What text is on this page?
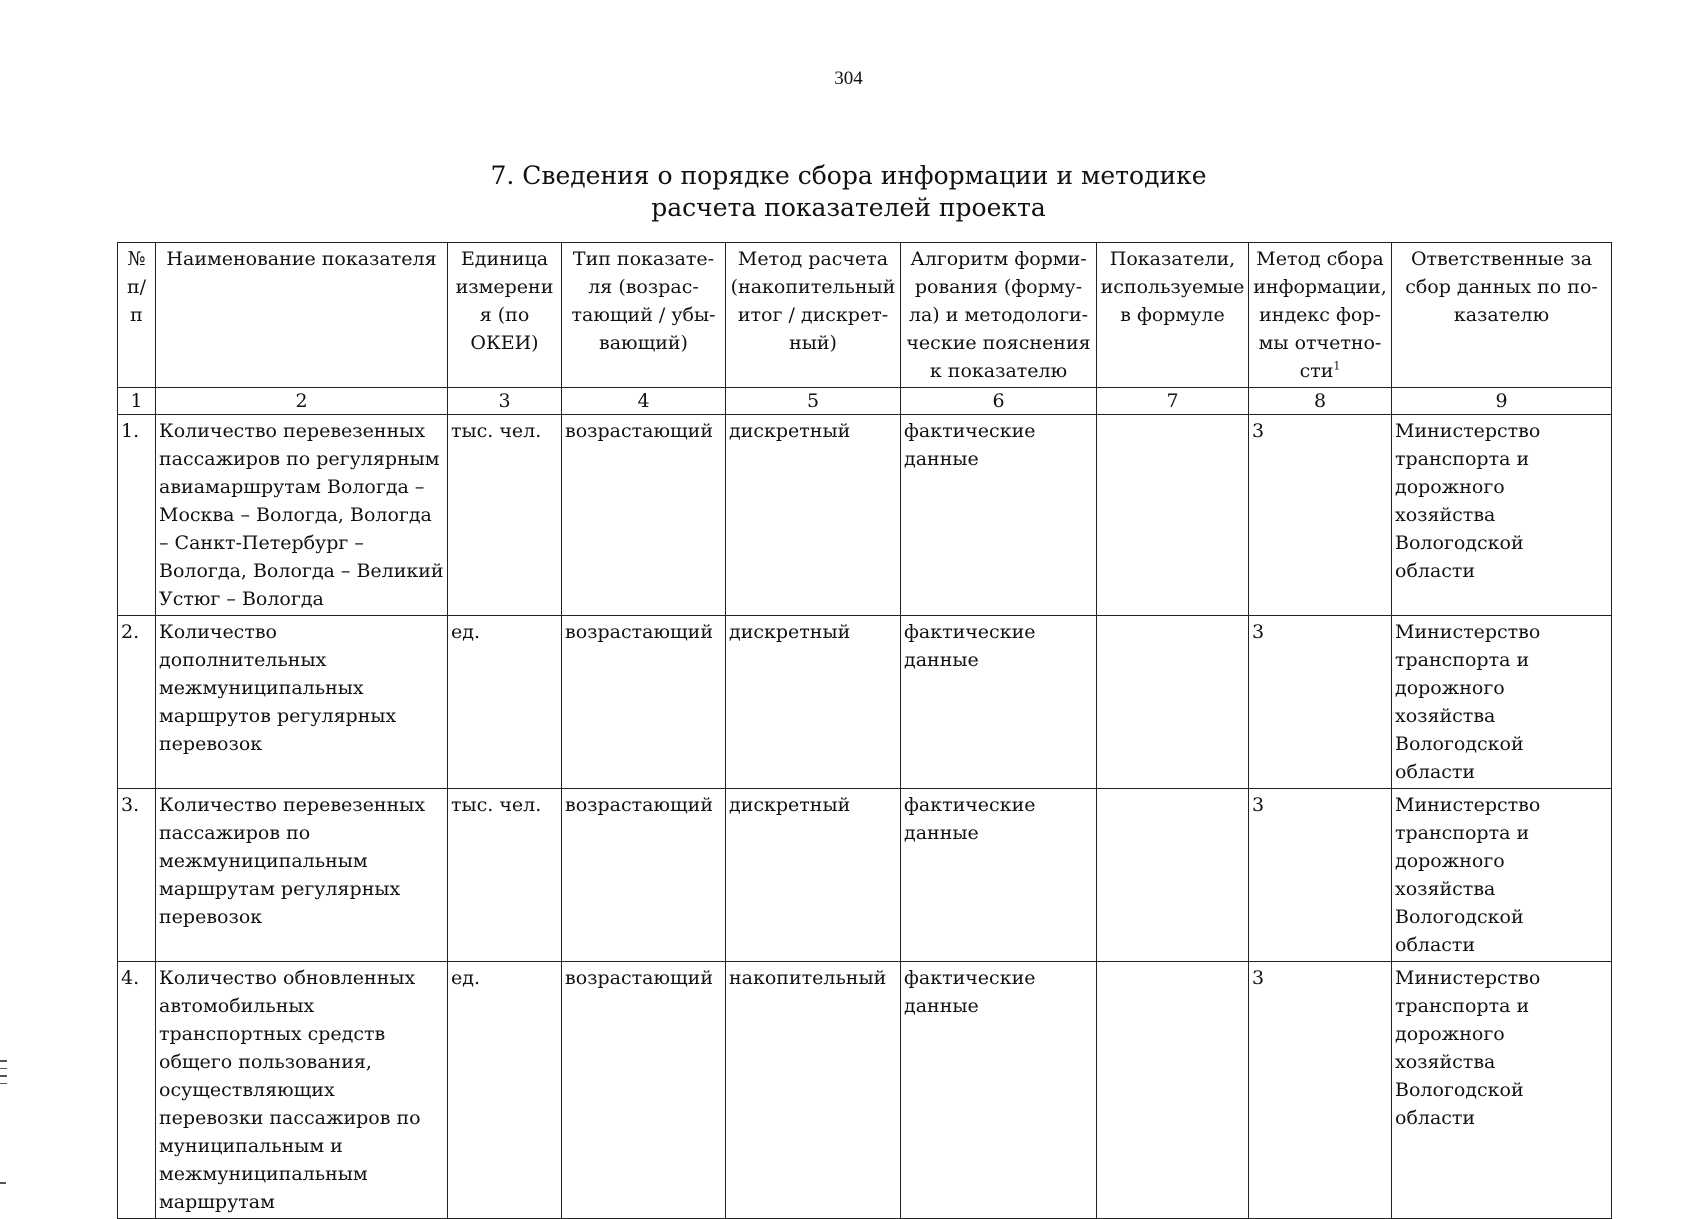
304
7. Сведения о порядке сбора информации и методике
расчета показателей проекта
№ п/п	Наименование показателя	Единица измерения (по ОКЕИ)	Тип показате-ля (возрас-тающий / убы-вающий)	Метод расчета (накопительный итог / дискрет-ный)	Алгоритм форми-рования (форму-ла) и методологи-ческие пояснения к показателю	Показатели, используемые в формуле	Метод сбора информации, индекс фор-мы отчетно-сти$^1$	Ответственные за сбор данных по по-казателю
1	2	3	4	5	6	7	8	9
1.	Количество перевезенных пассажиров по регулярным авиамаршрутам Вологда – Москва – Вологда, Вологда – Санкт-Петербург – Вологда, Вологда – Великий Устюг – Вологда	тыс. чел.	возрастающий	дискретный	фактические данные		3	Министерство транспорта и дорожного хозяйства Вологодской области
2.	Количество дополнительных межмуниципальных маршрутов регулярных перевозок	ед.	возрастающий	дискретный	фактические данные		3	Министерство транспорта и дорожного хозяйства Вологодской области
3.	Количество перевезенных пассажиров по межмуниципальным маршрутам регулярных перевозок	тыс. чел.	возрастающий	дискретный	фактические данные		3	Министерство транспорта и дорожного хозяйства Вологодской области
4.	Количество обновленных автомобильных транспортных средств общего пользования, осуществляющих перевозки пассажиров по муниципальным и межмуниципальным маршрутам	ед.	возрастающий	накопительный	фактические данные		3	Министерство транспорта и дорожного хозяйства Вологодской области
